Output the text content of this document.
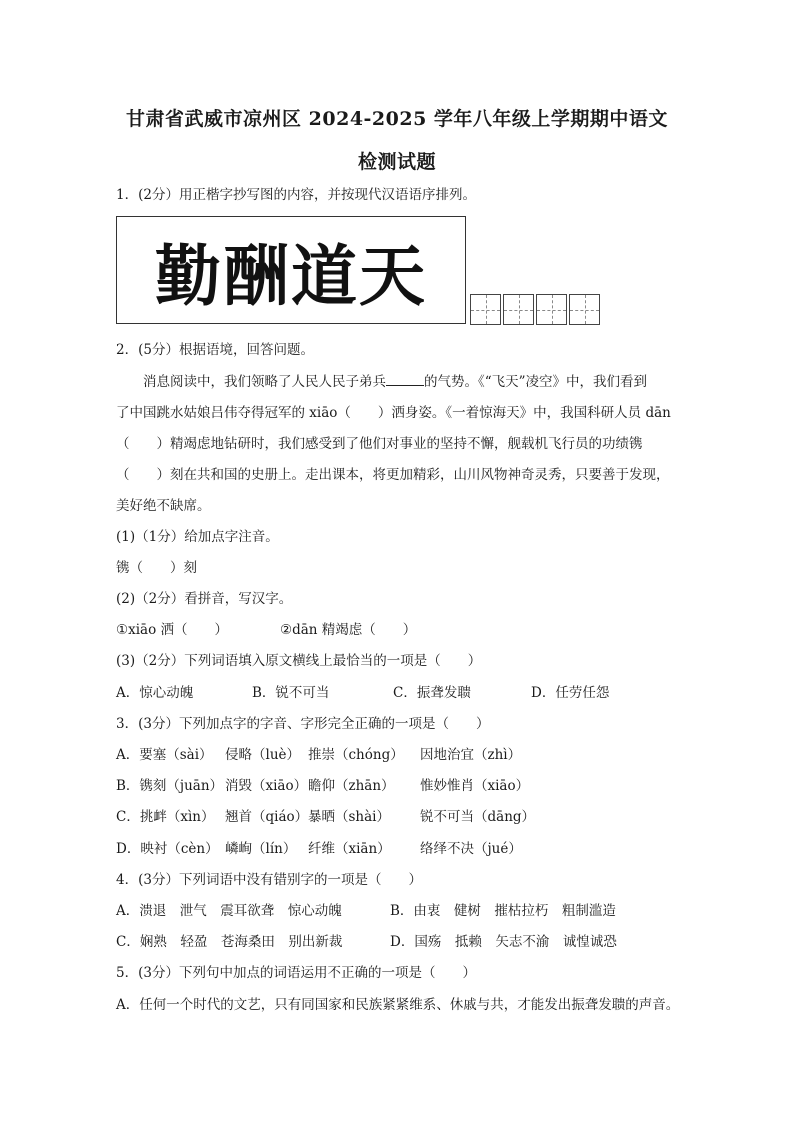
甘肃省武威市凉州区 2024-2025 学年八年级上学期期中语文
检测试题
1．(2分）用正楷字抄写图的内容，并按现代汉语语序排列。
勤酬道天
2．(5分）根据语境，回答问题。
消息阅读中，我们领略了人民人民子弟兵	的气势。《“飞天”凌空》中，我们看到
了中国跳水姑娘吕伟夺得冠军的 xiāo（　　）洒身姿。《一着惊海天》中，我国科研人员 dān
（　　）精竭虑地钻研时，我们感受到了他们对事业的坚持不懈，舰载机飞行员的功绩镌
（　　）刻在共和国的史册上。走出课本，将更加精彩，山川风物神奇灵秀，只要善于发现，
美好绝不缺席。
(1)（1分）给加点字注音。
镌（　　）刻
(2)（2分）看拼音，写汉字。
①xiāo 洒（　　）	②dān 精竭虑（　　）
(3)（2分）下列词语填入原文横线上最恰当的一项是（　　）
A．惊心动魄	B．锐不可当	C．振聋发聩	D．任劳任怨
3．(3分）下列加点字的字音、字形完全正确的一项是（　　）
A．要塞（sài） 侵略（luè） 推崇（chóng） 因地治宜（zhì）
B．镌刻（juān） 消毁（xiāo） 瞻仰（zhān） 惟妙惟肖（xiāo）
C．挑衅（xìn） 翘首（qiáo） 暴晒（shài） 锐不可当（dāng）
D．映衬（cèn） 嶙峋（lín） 纤维（xiān） 络绎不决（jué）
4．(3分）下列词语中没有错别字的一项是（　　）
A．溃退　泄气　震耳欲聋　惊心动魄	B．由衷　健树　摧枯拉朽　粗制滥造
C．娴熟　轻盈　苍海桑田　别出新裁	D．国殇　抵赖　矢志不渝　诚惶诚恐
5．(3分）下列句中加点的词语运用不正确的一项是（　　）
A．任何一个时代的文艺，只有同国家和民族紧紧维系、休戚与共，才能发出振聋发聩的声音。
